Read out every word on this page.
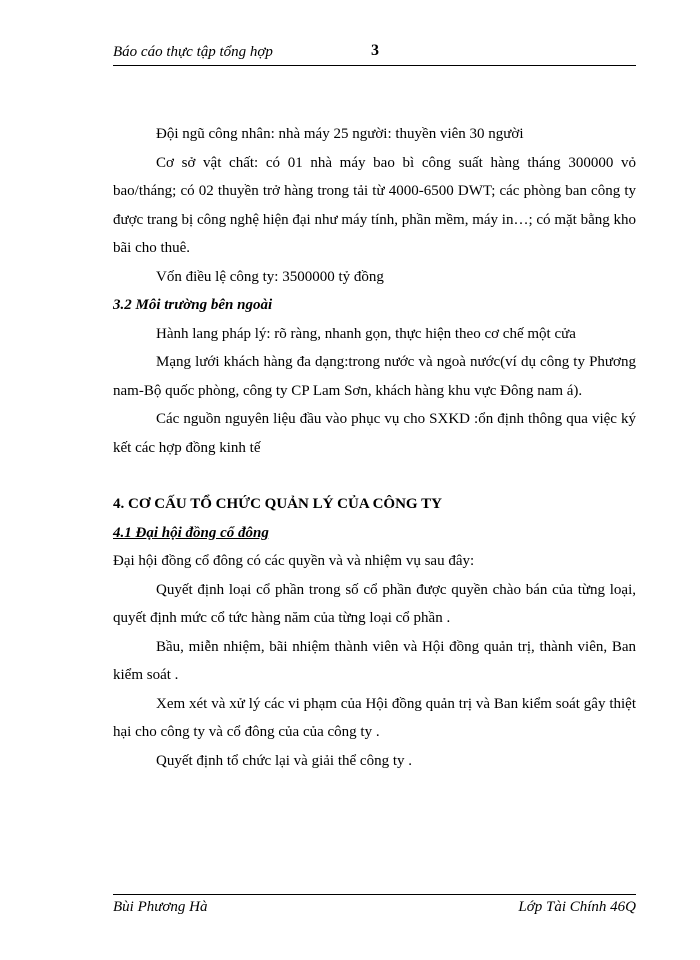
Báo cáo thực tập tổng hợp	3

Đội ngũ công nhân: nhà máy 25 người: thuyền viên 30 người

Cơ sở vật chất: có 01 nhà máy bao bì công suất hàng tháng 300000 vỏ bao/tháng; có 02 thuyền trở hàng trong tải từ 4000-6500 DWT; các phòng ban công ty được trang bị công nghệ hiện đại như máy tính, phần mềm, máy in…; có mặt bằng kho bãi cho thuê.

Vốn điều lệ công ty: 3500000 tỷ đồng

3.2 Môi trường bên ngoài

Hành lang pháp lý: rõ ràng, nhanh gọn, thực hiện theo cơ chế một cửa

Mạng lưới khách hàng đa dạng:trong nước và ngoà nước(ví dụ công ty Phương nam-Bộ quốc phòng, công ty CP Lam Sơn, khách hàng khu vực Đông nam á).

Các nguồn nguyên liệu đầu vào phục vụ cho SXKD :ổn định thông qua việc ký kết các hợp đồng kinh tế

4. CƠ CẤU TỔ CHỨC QUẢN LÝ CỦA CÔNG TY

4.1 Đại hội đồng cổ đông

Đại hội đồng cổ đông có các quyền và và nhiệm vụ sau đây:

Quyết định loại cổ phần trong số cổ phần được quyền chào bán của từng loại, quyết định mức cổ tức hàng năm của từng loại cổ phần .

Bầu, miễn nhiệm, bãi nhiệm thành viên và Hội đồng quản trị, thành viên, Ban kiểm soát .

Xem xét và xử lý các vi phạm của Hội đồng quản trị và Ban kiểm soát gây thiệt hại cho công ty và cổ đông của của công ty .

Quyết định tổ chức lại và giải thể công ty .

Bùi Phương Hà	Lớp Tài Chính 46Q
